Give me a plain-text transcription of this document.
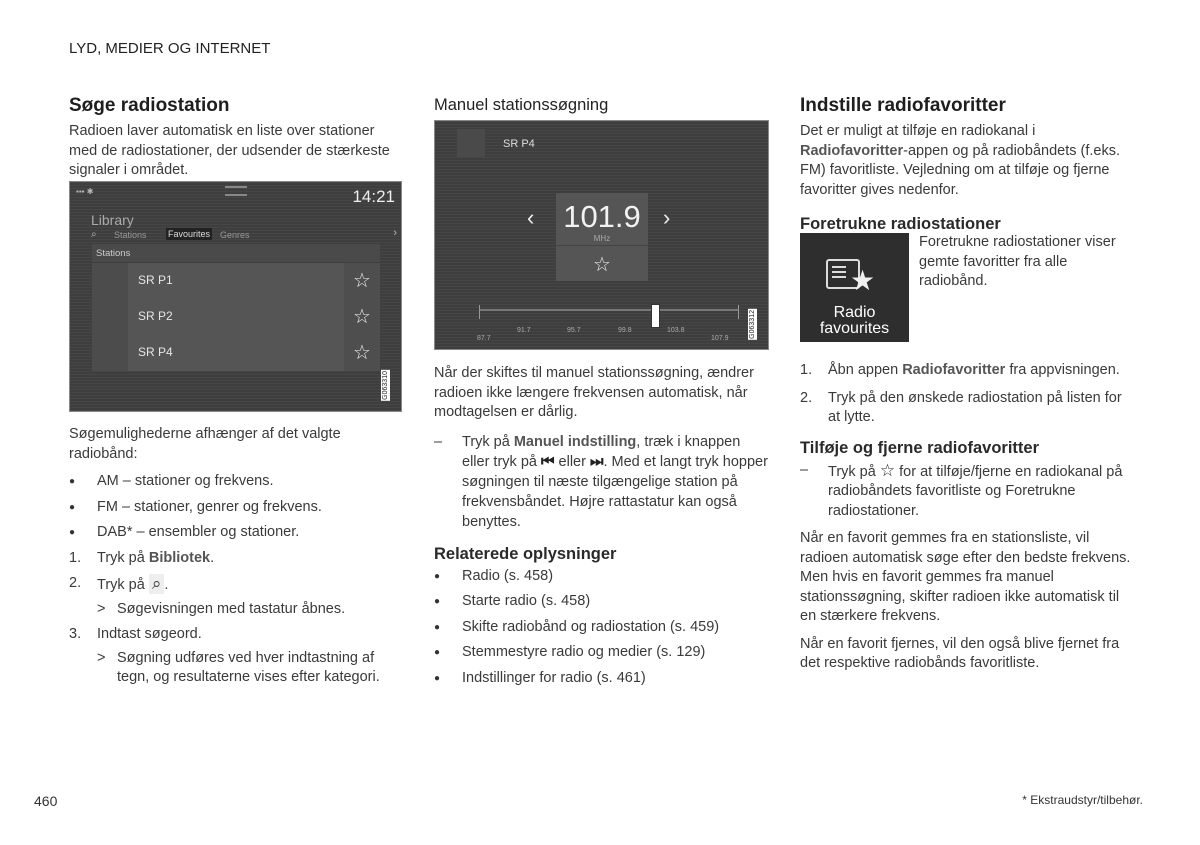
LYD, MEDIER OG INTERNET
Søge radiostation

Radioen laver automatisk en liste over stationer med de radiostationer, der udsender de stærkeste signaler i området.

▪▪▪ ✱	14:21
Library
⌕ Stations Favourites Genres	›
Stations
SR P1	☆
SR P2	☆
SR P4	☆
G063310

Søgemulighederne afhænger af det valgte radiobånd:

● AM – stationer og frekvens.
● FM – stationer, genrer og frekvens.
● DAB* – ensembler og stationer.
1. Tryk på Bibliotek.
2. Tryk på ⌕ .
> Søgevisningen med tastatur åbnes.
3. Indtast søgeord.
> Søgning udføres ved hver indtastning af tegn, og resultaterne vises efter kategori.
Manuel stationssøgning
SR P4
‹ 101.9
MHz
☆
›
87.7
91.7	95.7	99.8	103.8
107.9	G063312

Når der skiftes til manuel stationssøgning, ændrer radioen ikke længere frekvensen automatisk, når modtagelsen er dårlig.

– Tryk på Manuel indstilling, træk i knappen eller tryk på ⏮ eller ⏭. Med et langt tryk hopper søgningen til næste tilgængelige station på frekvensbåndet. Højre rattastatur kan også benyttes.
Relaterede oplysninger
● Radio (s. 458)
● Starte radio (s. 458)
● Skifte radiobånd og radiostation (s. 459)
● Stemmestyre radio og medier (s. 129)
● Indstillinger for radio (s. 461)
Indstille radiofavoritter

Det er muligt at tilføje en radiokanal i Radiofavoritter-appen og på radiobåndets (f.eks. FM) favoritliste. Vejledning om at tilføje og fjerne favoritter gives nedenfor.

Foretrukne radiostationer
★
Radio
favourites
Foretrukne radiostationer viser gemte favoritter fra alle radiobånd.
1. Åbn appen Radiofavoritter fra appvisningen.
2. Tryk på den ønskede radiostation på listen for at lytte.
Tilføje og fjerne radiofavoritter
– Tryk på ☆ for at tilføje/fjerne en radiokanal på radiobåndets favoritliste og Foretrukne radiostationer.

Når en favorit gemmes fra en stationsliste, vil radioen automatisk søge efter den bedste frekvens. Men hvis en favorit gemmes fra manuel stationssøgning, skifter radioen ikke automatisk til en stærkere frekvens.

Når en favorit fjernes, vil den også blive fjernet fra det respektive radiobånds favoritliste.

460	* Ekstraudstyr/tilbehør.
